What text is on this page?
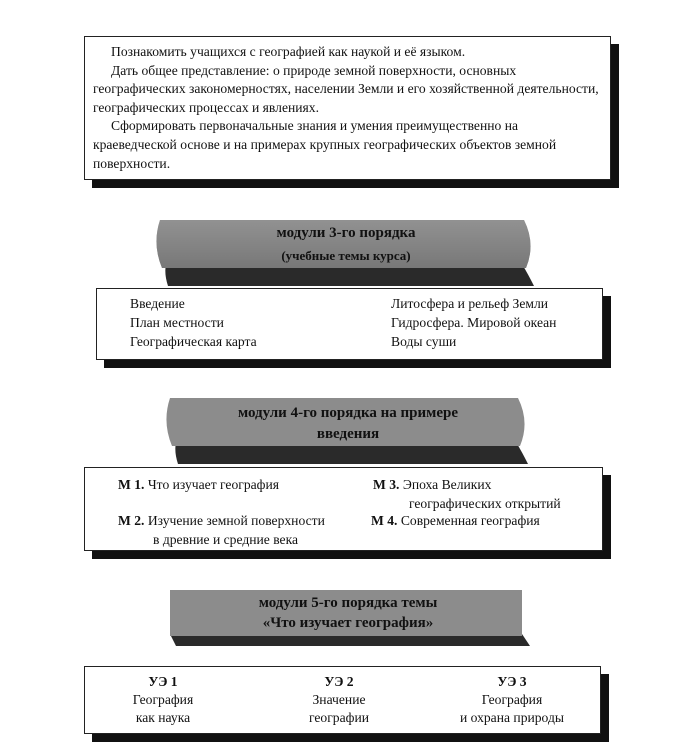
Познакомить учащихся с географией как наукой и её языком.

Дать общее представление: о природе земной поверхности, основных географических закономерностях, населении Земли и его хозяйственной деятельности, географических процессах и явлениях.

Сформировать первоначальные знания и умения преимущественно на краеведческой основе и на примерах крупных географических объектов земной поверхности.

модули 3-го порядка
(учебные темы курса)
Введение
План местности
Географическая карта
Литосфера и рельеф Земли
Гидросфера. Мировой океан
Воды суши
модули 4-го порядка на примере
введения
М 1. Что изучает география
М 2. Изучение земной поверхности
в древние и средние века
М 3. Эпоха Великих
географических открытий
М 4. Современная география
модули 5-го порядка темы
«Что изучает география»
УЭ 1
География
как наука
УЭ 2
Значение
географии
УЭ 3
География
и охрана природы
